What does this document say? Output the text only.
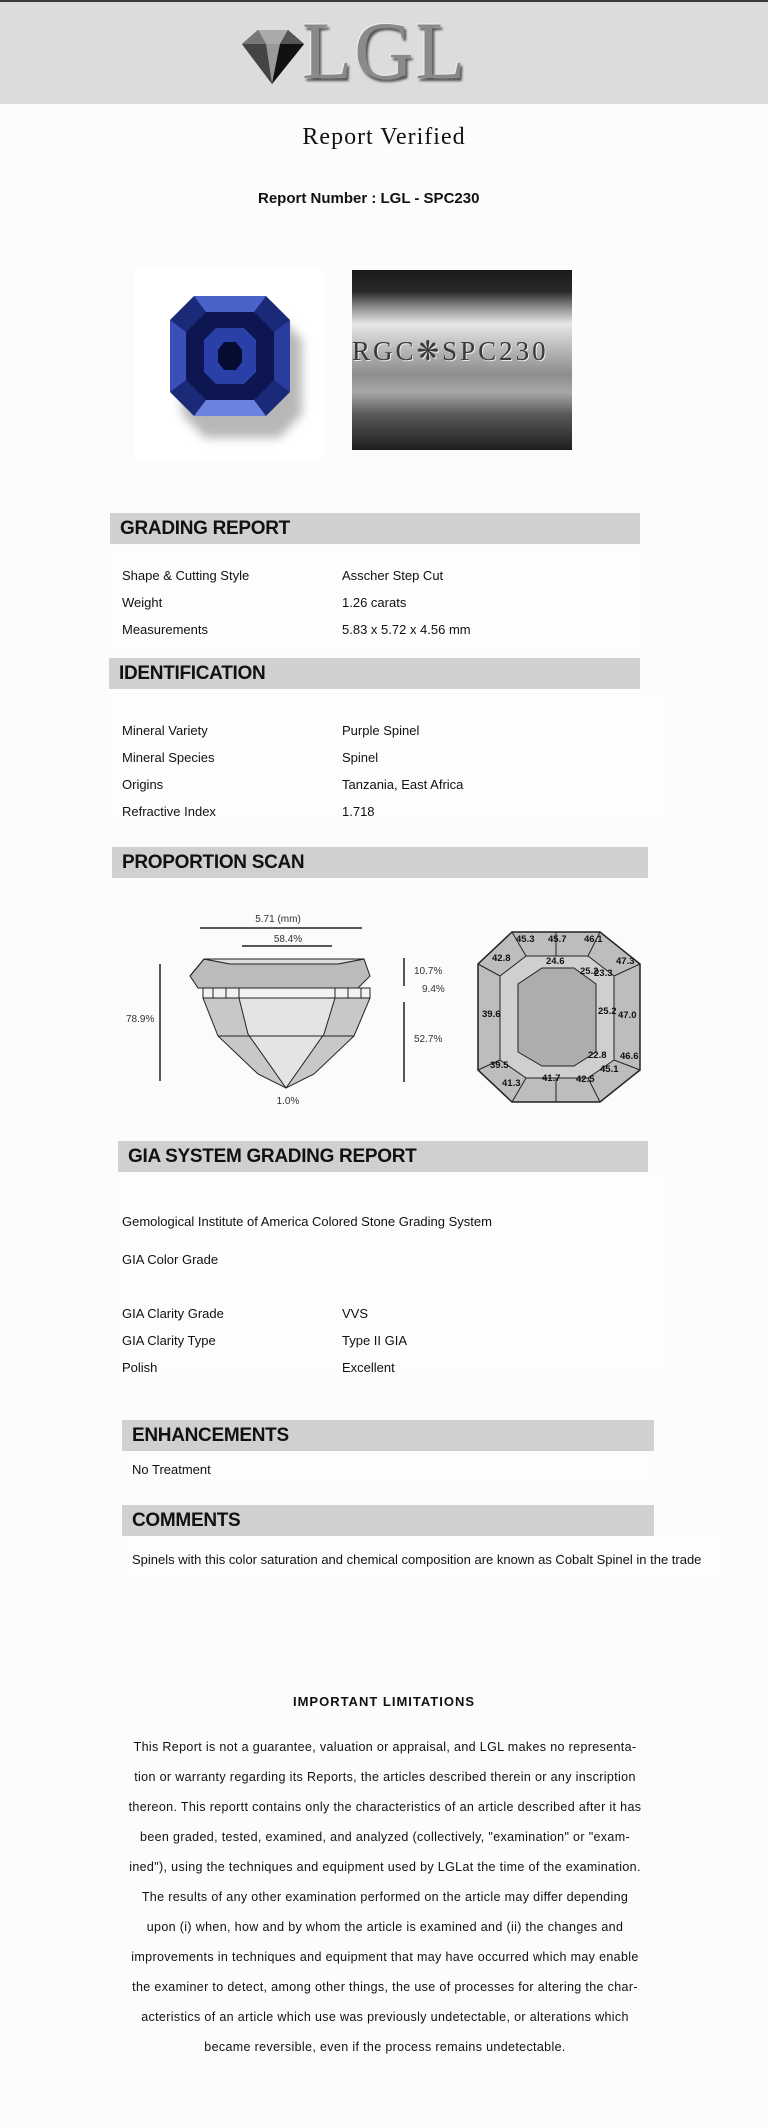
LGL
Report Verified
Report Number : LGL - SPC230
RGC❋SPC230
GRADING REPORT
Shape & Cutting Style	Asscher Step Cut
Weight	1.26 carats
Measurements	5.83 x 5.72 x 4.56 mm
IDENTIFICATION
Mineral Variety	Purple Spinel
Mineral Species	Spinel
Origins	Tanzania, East Africa
Refractive Index	1.718
PROPORTION SCAN
5.71 (mm)
58.4%
78.9%
10.7%
9.4%
52.7%
1.0%
45.3 45.7 46.1
42.8	24.6	47.3
25.2
23.3
39.6	25.2 47.0
46.6
22.8
45.1
39.5
41.7 42.5
41.3
GIA SYSTEM GRADING REPORT
Gemological Institute of America Colored Stone Grading System
GIA Color Grade
GIA Clarity Grade	VVS
GIA Clarity Type	Type II GIA
Polish	Excellent
ENHANCEMENTS
No Treatment
COMMENTS
Spinels with this color saturation and chemical composition are known as Cobalt Spinel in the trade
IMPORTANT LIMITATIONS
This Report is not a guarantee, valuation or appraisal, and LGL makes no representa-
tion or warranty regarding its Reports, the articles described therein or any inscription
thereon. This reportt contains only the characteristics of an article described after it has
been graded, tested, examined, and analyzed (collectively, "examination" or "exam-
ined"), using the techniques and equipment used by LGLat the time of the examination.
The results of any other examination performed on the article may differ depending
upon (i) when, how and by whom the article is examined and (ii) the changes and
improvements in techniques and equipment that may have occurred which may enable
the examiner to detect, among other things, the use of processes for altering the char-
acteristics of an article which use was previously undetectable, or alterations which
became reversible, even if the process remains undetectable.
